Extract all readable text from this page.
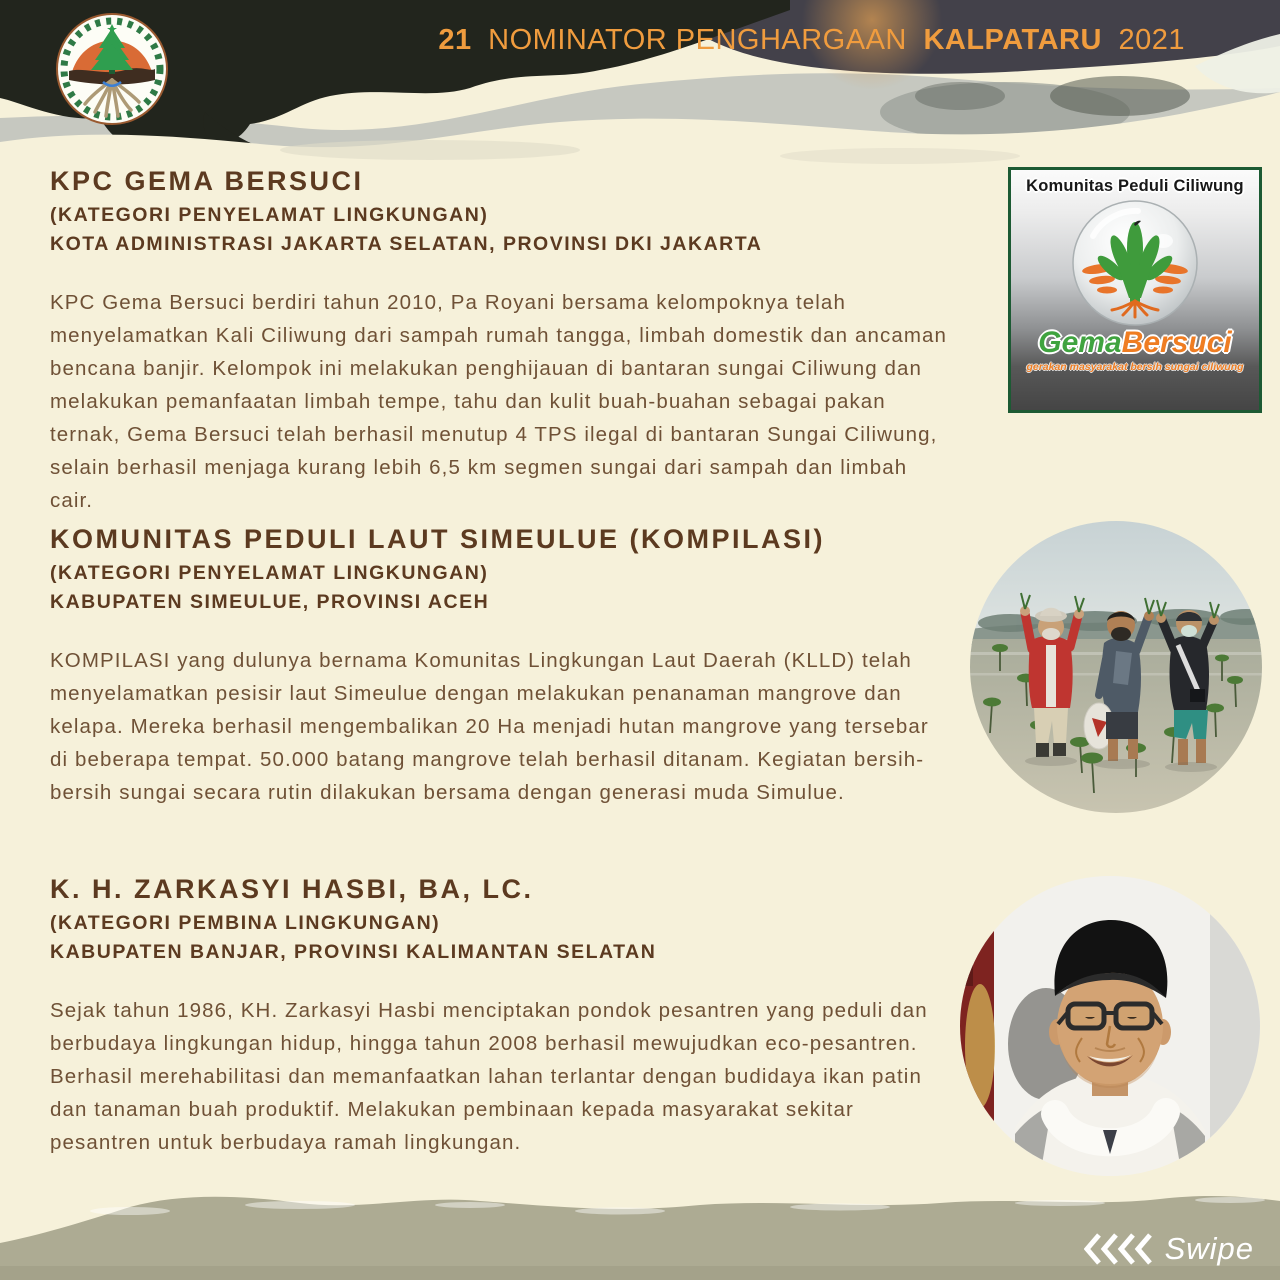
21 NOMINATOR PENGHARGAAN KALPATARU 2021
KPC GEMA BERSUCI
(KATEGORI PENYELAMAT LINGKUNGAN)
KOTA ADMINISTRASI JAKARTA SELATAN, PROVINSI DKI JAKARTA
KPC Gema Bersuci berdiri tahun 2010, Pa Royani bersama kelompoknya telah menyelamatkan Kali Ciliwung dari sampah rumah tangga, limbah domestik dan ancaman bencana banjir. Kelompok ini melakukan penghijauan di bantaran sungai Ciliwung dan melakukan pemanfaatan limbah tempe, tahu dan kulit buah-buahan sebagai pakan ternak, Gema Bersuci telah berhasil menutup 4 TPS ilegal di bantaran Sungai Ciliwung, selain berhasil menjaga kurang lebih 6,5 km segmen sungai dari sampah dan limbah cair.
Komunitas Peduli Ciliwung
GemaBersuci
gerakan masyarakat bersih sungai ciliwung
KOMUNITAS PEDULI LAUT SIMEULUE (KOMPILASI)
(KATEGORI PENYELAMAT LINGKUNGAN)
KABUPATEN SIMEULUE, PROVINSI ACEH
KOMPILASI yang dulunya bernama Komunitas Lingkungan Laut Daerah (KLLD) telah menyelamatkan pesisir laut Simeulue dengan melakukan penanaman mangrove dan kelapa. Mereka berhasil mengembalikan 20 Ha menjadi hutan mangrove yang tersebar di beberapa tempat. 50.000 batang mangrove telah berhasil ditanam. Kegiatan bersih-bersih sungai secara rutin dilakukan bersama dengan generasi muda Simulue.
K. H. ZARKASYI HASBI, BA, LC.
(KATEGORI PEMBINA LINGKUNGAN)
KABUPATEN BANJAR, PROVINSI KALIMANTAN SELATAN
Sejak tahun 1986, KH. Zarkasyi Hasbi menciptakan pondok pesantren yang peduli dan berbudaya lingkungan hidup, hingga tahun 2008 berhasil mewujudkan eco-pesantren. Berhasil merehabilitasi dan memanfaatkan lahan terlantar dengan budidaya ikan patin dan tanaman buah produktif. Melakukan pembinaan kepada masyarakat sekitar pesantren untuk berbudaya ramah lingkungan.
Swipe
